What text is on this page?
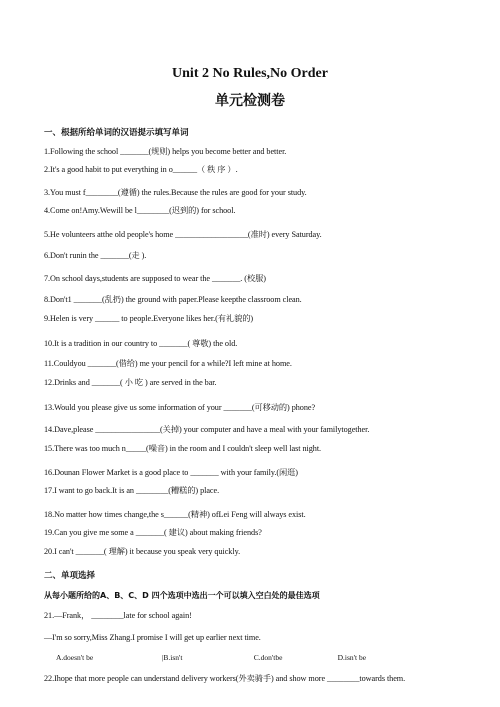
Unit 2 No Rules,No Order
单元检测卷
一、根据所给单词的汉语提示填写单词
1.Following the school _______(规则) helps you become better and better.
2.It's a good habit to put everything in o______（ 秩 序 ）.
3.You must f________(遵循) the rules.Because the rules are good for your study.
4.Come on!Amy.Wewill be l________(迟到的) for school.
5.He volunteers atthe old people's home __________________(准时) every Saturday.
6.Don't runin the _______(走 ).
7.On school days,students are supposed to wear the _______. (校服)
8.Don't1 _______(乱扔) the ground with paper.Please keepthe classroom clean.
9.Helen is very ______ to people.Everyone likes her.(有礼貌的)
10.It is a tradition in our country to _______( 尊敬) the old.
11.Couldyou _______(借给) me your pencil for a while?I left mine at home.
12.Drinks and _______( 小 吃 ) are served in the bar.
13.Would you please give us some information of your _______(可移动的) phone?
14.Dave,please ________________(关掉) your computer and have a meal with your familytogether.
15.There was too much n_____(噪音) in the room and I couldn't sleep well last night.
16.Dounan Flower Market is a good place to _______ with your family.(闲逛)
17.I want to go back.It is an ________(糟糕的) place.
18.No matter how times change,the s______(精神) ofLei Feng will always exist.
19.Can you give me some a _______( 建议) about making friends?
20.I can't _______( 理解) it because you speak very quickly.
二、单项选择
从每小题所给的A、B、C、D 四个选项中选出一个可以填入空白处的最佳选项
21.—Frank， ________late for school again!
—I'm so sorry,Miss Zhang.I promise I will get up earlier next time.
A.doesn't be	|B.isn't	C.don'tbe	D.isn't be
22.Ihope that more people can understand delivery workers(外卖骑手) and show more ________towards them.
